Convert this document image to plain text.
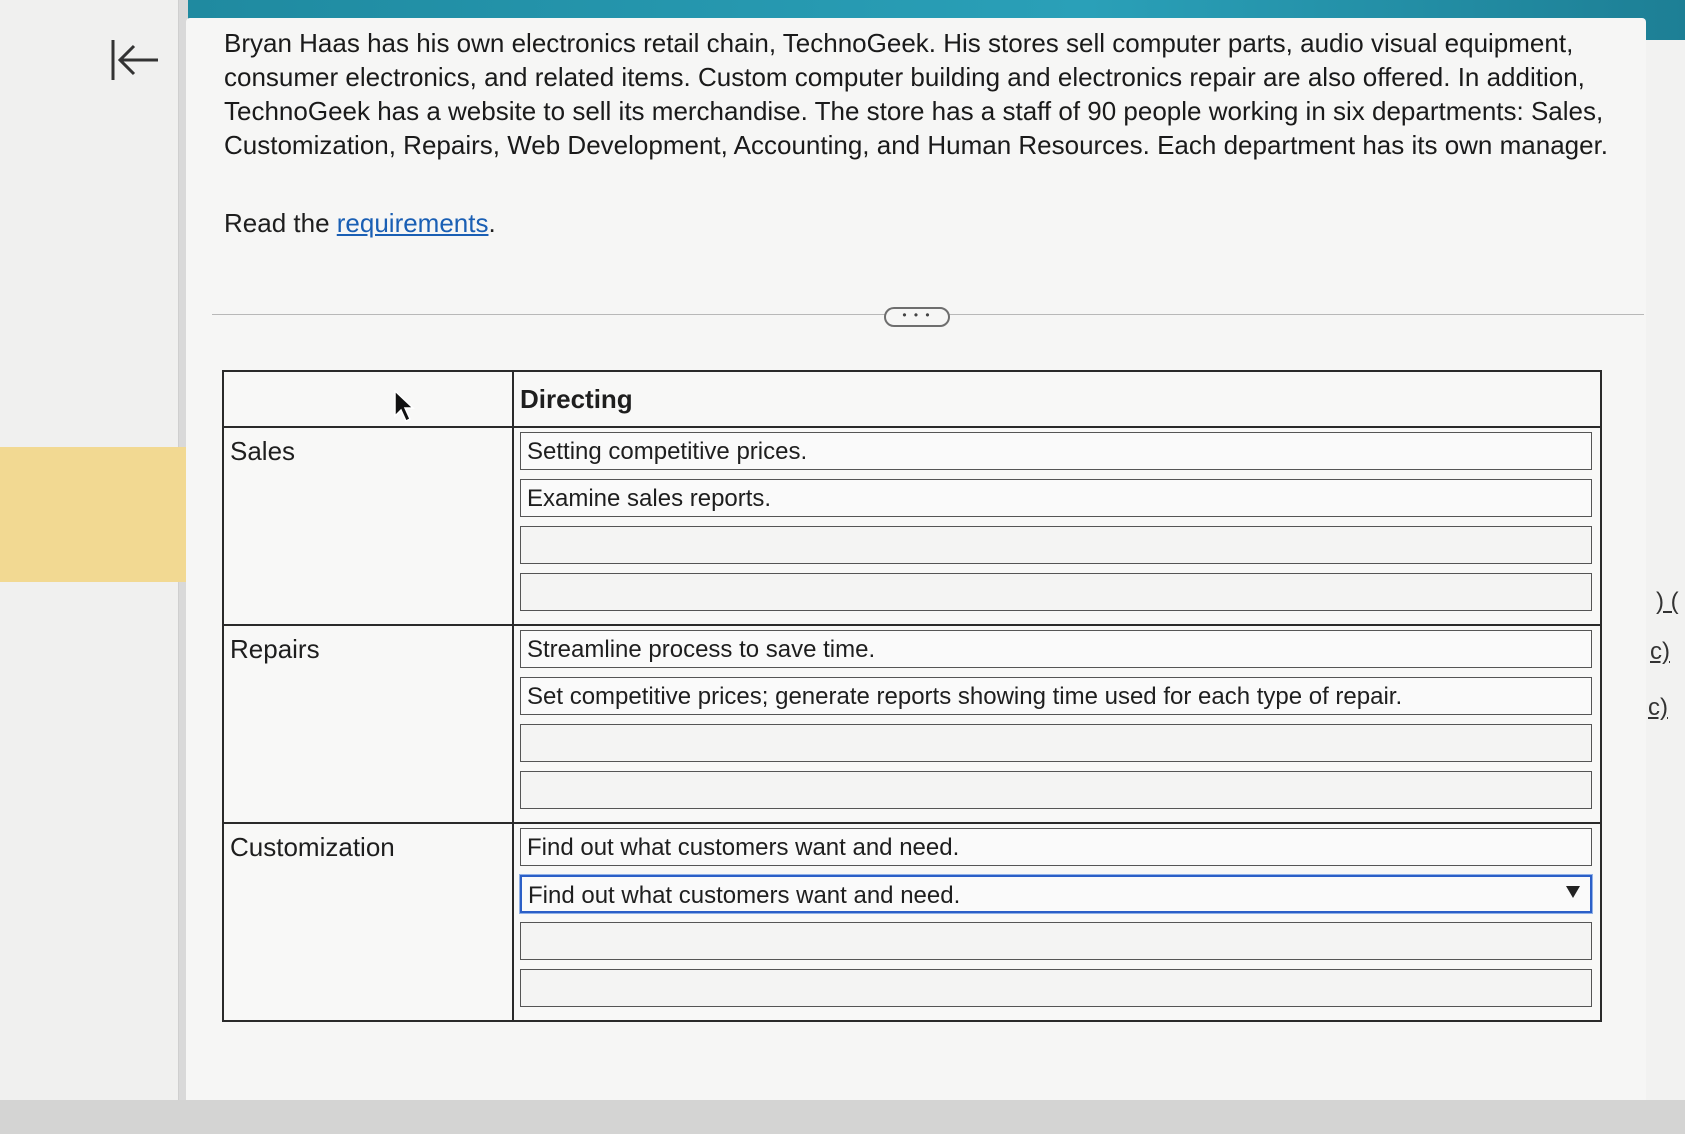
) (
c)
c)

Bryan Haas has his own electronics retail chain, TechnoGeek. His stores sell computer parts, audio visual equipment, consumer electronics, and related items. Custom computer building and electronics repair are also offered. In addition, TechnoGeek has a website to sell its merchandise. The store has a staff of 90 people working in six departments: Sales, Customization, Repairs, Web Development, Accounting, and Human Resources. Each department has its own manager.

Read the requirements.

• • •
Directing
Sales	Setting competitive prices.
Examine sales reports.
Repairs	Streamline process to save time.
Set competitive prices; generate reports showing time used for each type of repair.
Customization	Find out what customers want and need.
Find out what customers want and need.
